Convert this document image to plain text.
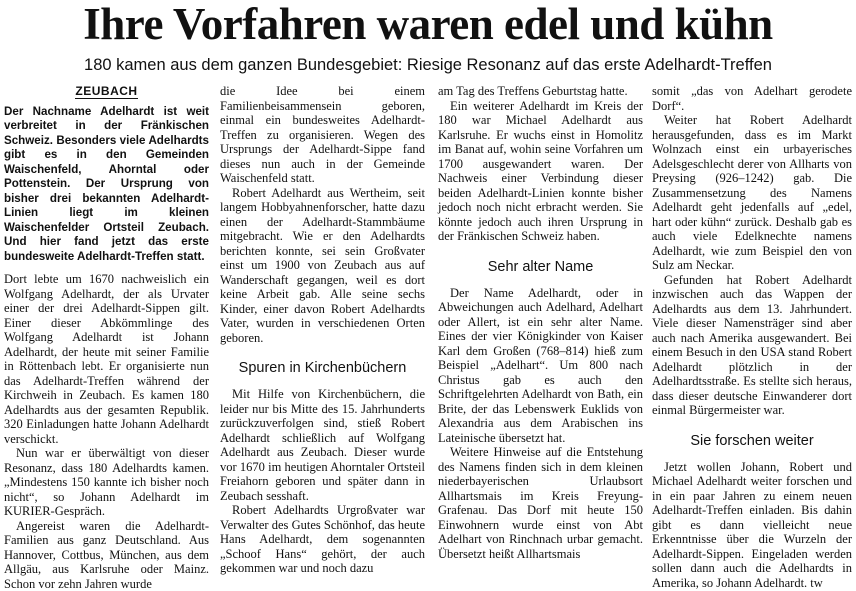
Ihre Vorfahren waren edel und kühn
180 kamen aus dem ganzen Bundesgebiet: Riesige Resonanz auf das erste Adelhardt-Treffen
ZEUBACH

Der Nachname Adelhardt ist weit verbreitet in der Fränkischen Schweiz. Besonders viele Adelhardts gibt es in den Gemeinden Waischenfeld, Ahorntal oder Pottenstein. Der Ursprung von bisher drei bekannten Adelhardt-Linien liegt im kleinen Waischenfelder Ortsteil Zeubach. Und hier fand jetzt das erste bundesweite Adelhardt-Treffen statt.

Dort lebte um 1670 nachweislich ein Wolfgang Adelhardt, der als Urvater einer der drei Adelhardt-Sippen gilt. Einer dieser Abkömmlinge des Wolfgang Adelhardt ist Johann Adelhardt, der heute mit seiner Familie in Röttenbach lebt. Er organisierte nun das Adelhardt-Treffen während der Kirchweih in Zeubach. Es kamen 180 Adelhardts aus der gesamten Republik. 320 Einladungen hatte Johann Adelhardt verschickt.

Nun war er überwältigt von dieser Resonanz, dass 180 Adelhardts kamen. „Mindestens 150 kannte ich bisher noch nicht“, so Johann Adelhardt im KURIER-Gespräch.

Angereist waren die Adelhardt-Familien aus ganz Deutschland. Aus Hannover, Cottbus, München, aus dem Allgäu, aus Karlsruhe oder Mainz. Schon vor zehn Jahren wurde

die Idee bei einem Familienbeisammensein geboren, einmal ein bundesweites Adelhardt-Treffen zu organisieren. Wegen des Ursprungs der Adelhardt-Sippe fand dieses nun auch in der Gemeinde Waischenfeld statt.

Robert Adelhardt aus Wertheim, seit langem Hobbyahnenforscher, hatte dazu einen der Adelhardt-Stammbäume mitgebracht. Wie er den Adelhardts berichten konnte, sei sein Großvater einst um 1900 von Zeubach aus auf Wanderschaft gegangen, weil es dort keine Arbeit gab. Alle seine sechs Kinder, einer davon Robert Adelhardts Vater, wurden in verschiedenen Orten geboren.

Spuren in Kirchenbüchern

Mit Hilfe von Kirchenbüchern, die leider nur bis Mitte des 15. Jahrhunderts zurückzuverfolgen sind, stieß Robert Adelhardt schließlich auf Wolfgang Adelhardt aus Zeubach. Dieser wurde vor 1670 im heutigen Ahorntaler Ortsteil Freiahorn geboren und später dann in Zeubach sesshaft.

Robert Adelhardts Urgroßvater war Verwalter des Gutes Schönhof, das heute Hans Adelhardt, dem sogenannten „Schoof Hans“ gehört, der auch gekommen war und noch dazu

am Tag des Treffens Geburtstag hatte.

Ein weiterer Adelhardt im Kreis der 180 war Michael Adelhardt aus Karlsruhe. Er wuchs einst in Homolitz im Banat auf, wohin seine Vorfahren um 1700 ausgewandert waren. Der Nachweis einer Verbindung dieser beiden Adelhardt-Linien konnte bisher jedoch noch nicht erbracht werden. Sie könnte jedoch auch ihren Ursprung in der Fränkischen Schweiz haben.

Sehr alter Name

Der Name Adelhardt, oder in Abweichungen auch Adelhard, Adelhart oder Allert, ist ein sehr alter Name. Eines der vier Königkinder von Kaiser Karl dem Großen (768–814) hieß zum Beispiel „Adelhart“. Um 800 nach Christus gab es auch den Schriftgelehrten Adelhardt von Bath, ein Brite, der das Lebenswerk Euklids von Alexandria aus dem Arabischen ins Lateinische übersetzt hat.

Weitere Hinweise auf die Entstehung des Namens finden sich in dem kleinen niederbayerischen Urlaubsort Allhartsmais im Kreis Freyung-Grafenau. Das Dorf mit heute 150 Einwohnern wurde einst von Abt Adelhart von Rinchnach urbar gemacht. Übersetzt heißt Allhartsmais

somit „das von Adelhart gerodete Dorf“.

Weiter hat Robert Adelhardt herausgefunden, dass es im Markt Wolnzach einst ein urbayerisches Adelsgeschlecht derer von Allharts von Preysing (926–1242) gab. Die Zusammensetzung des Namens Adelhardt geht jedenfalls auf „edel, hart oder kühn“ zurück. Deshalb gab es auch viele Edelknechte namens Adelhardt, wie zum Beispiel den von Sulz am Neckar.

Gefunden hat Robert Adelhardt inzwischen auch das Wappen der Adelhardts aus dem 13. Jahrhundert. Viele dieser Namensträger sind aber auch nach Amerika ausgewandert. Bei einem Besuch in den USA stand Robert Adelhardt plötzlich in der Adelhardtsstraße. Es stellte sich heraus, dass dieser deutsche Einwanderer dort einmal Bürgermeister war.

Sie forschen weiter

Jetzt wollen Johann, Robert und Michael Adelhardt weiter forschen und in ein paar Jahren zu einem neuen Adelhardt-Treffen einladen. Bis dahin gibt es dann vielleicht neue Erkenntnisse über die Wurzeln der Adelhardt-Sippen. Eingeladen werden sollen dann auch die Adelhardts in Amerika, so Johann Adelhardt. tw
